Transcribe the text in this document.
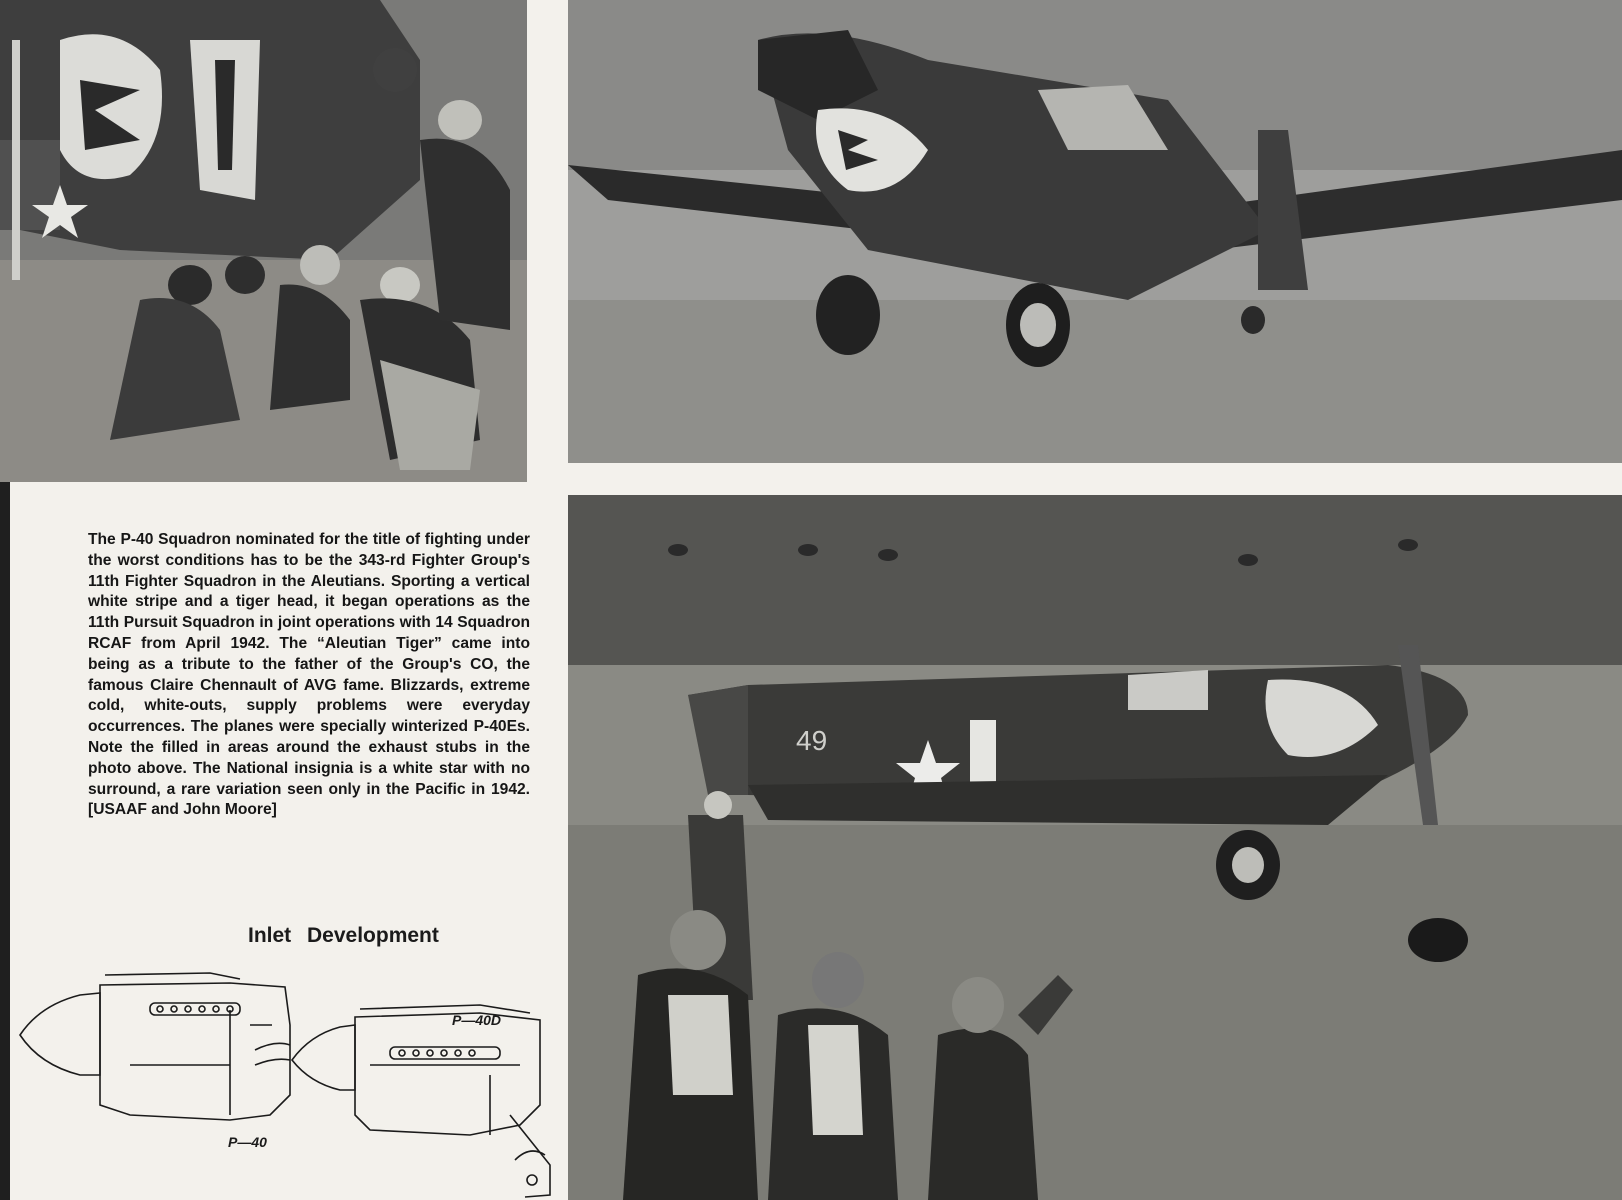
49
The P-40 Squadron nominated for the title of fighting under the worst conditions has to be the 343-rd Fighter Group's 11th Fighter Squadron in the Aleutians. Sporting a vertical white stripe and a tiger head, it began operations as the 11th Pursuit Squadron in joint operations with 14 Squadron RCAF from April 1942. The “Aleutian Tiger” came into being as a tribute to the father of the Group's CO, the famous Claire Chennault of AVG fame. Blizzards, extreme cold, white-outs, supply problems were everyday occurrences. The planes were specially winterized P-40Es. Note the filled in areas around the exhaust stubs in the photo above. The National insignia is a white star with no surround, a rare variation seen only in the Pacific in 1942. [USAAF and John Moore]
Inlet Development
P—40D
P—40
